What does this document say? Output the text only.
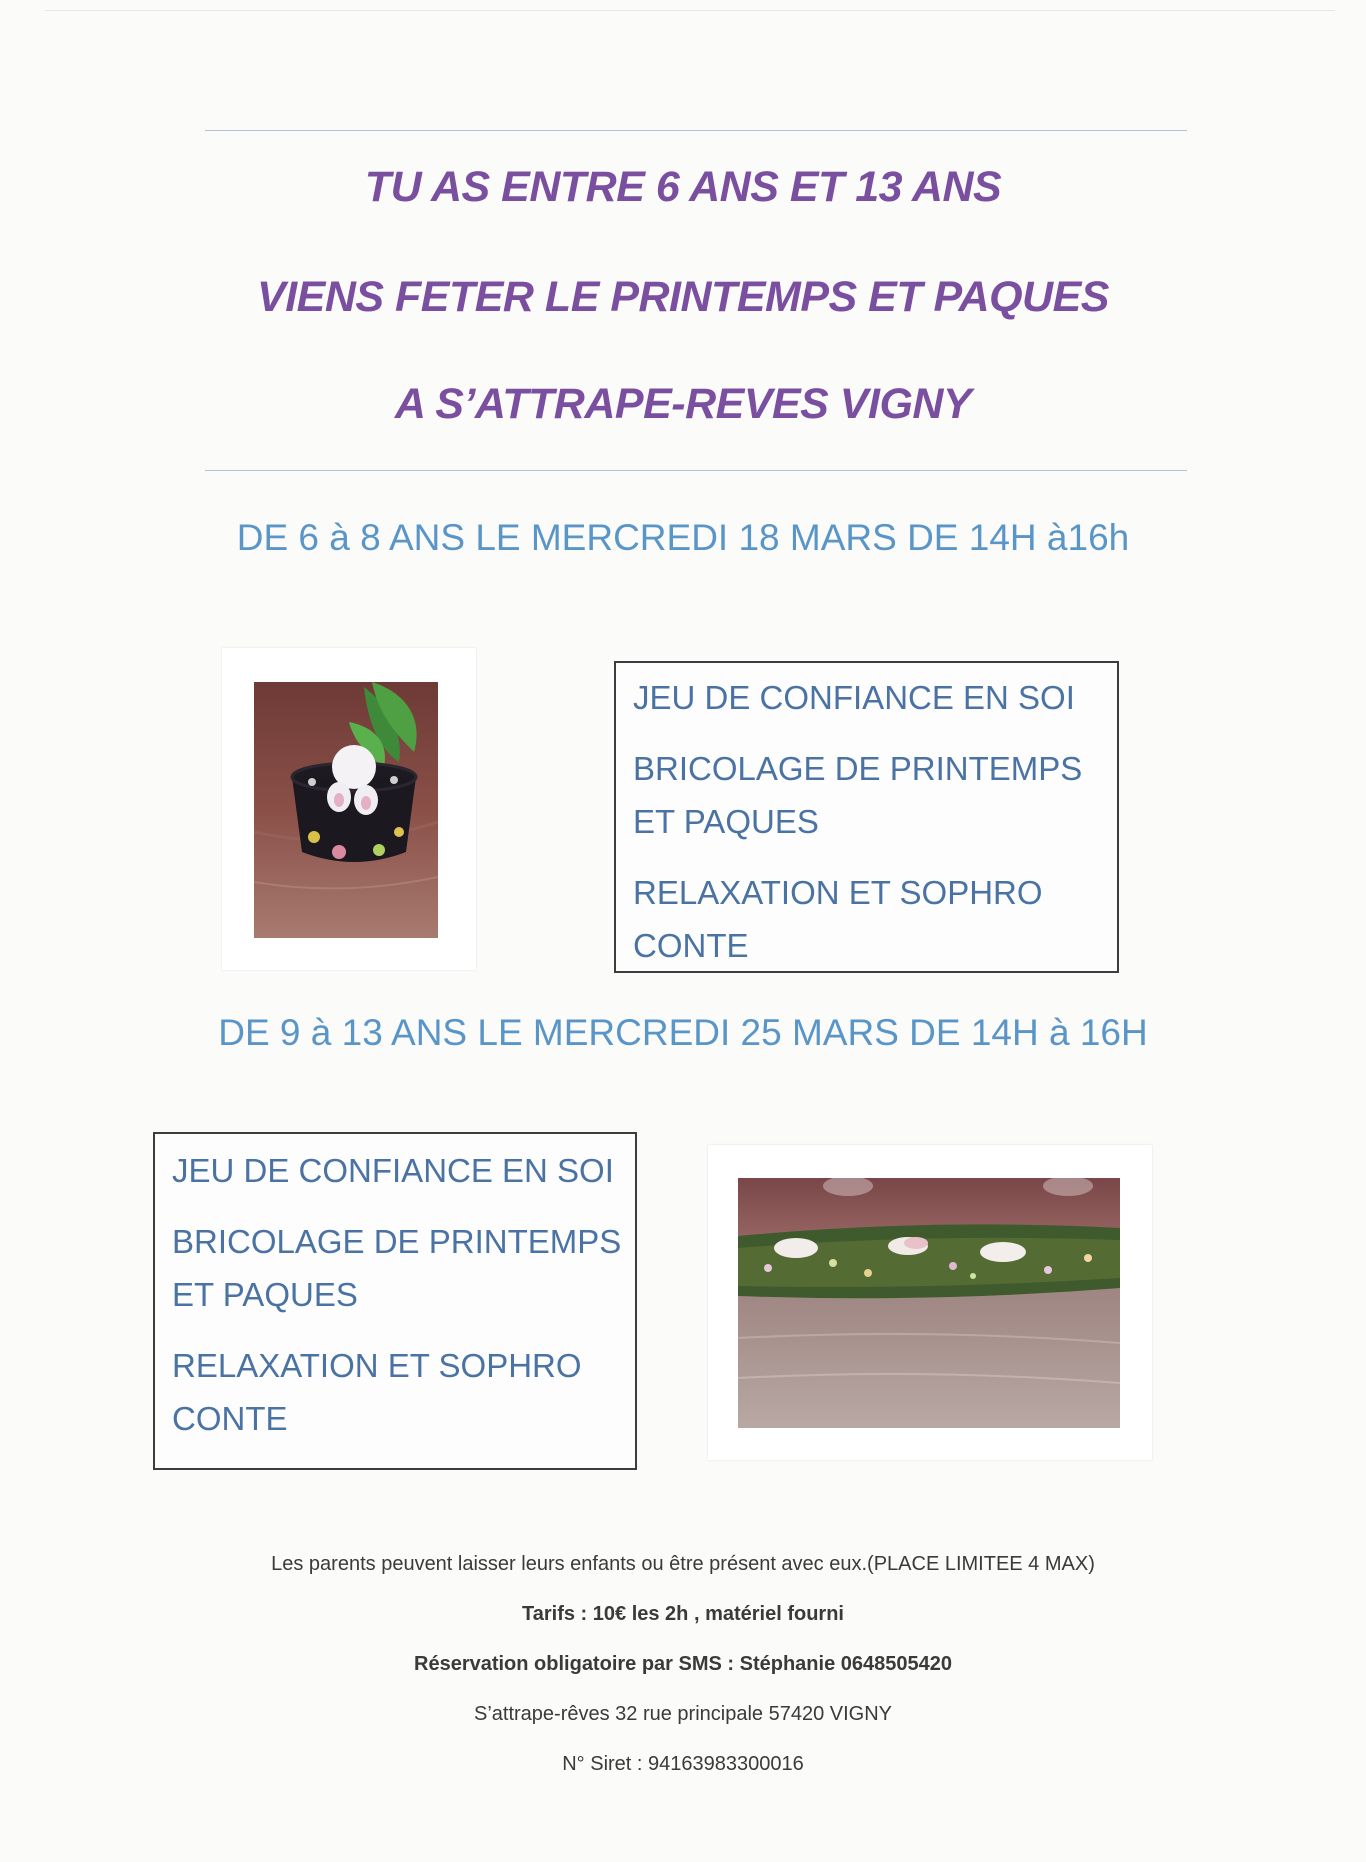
TU AS ENTRE 6 ANS ET 13 ANS
VIENS FETER LE PRINTEMPS ET PAQUES
A S’ATTRAPE-REVES VIGNY
DE 6 à 8 ANS LE MERCREDI 18 MARS DE 14H à16h
JEU DE CONFIANCE EN SOI
BRICOLAGE DE PRINTEMPS
ET PAQUES
RELAXATION ET SOPHRO
CONTE
DE 9 à 13 ANS LE MERCREDI 25 MARS DE 14H à 16H
JEU DE CONFIANCE EN SOI
BRICOLAGE DE PRINTEMPS
ET PAQUES
RELAXATION ET SOPHRO
CONTE
Les parents peuvent laisser leurs enfants ou être présent avec eux.(PLACE LIMITEE 4 MAX)
Tarifs : 10€ les 2h , matériel fourni
Réservation obligatoire par SMS : Stéphanie 0648505420
S’attrape-rêves 32 rue principale 57420 VIGNY
N° Siret : 94163983300016
